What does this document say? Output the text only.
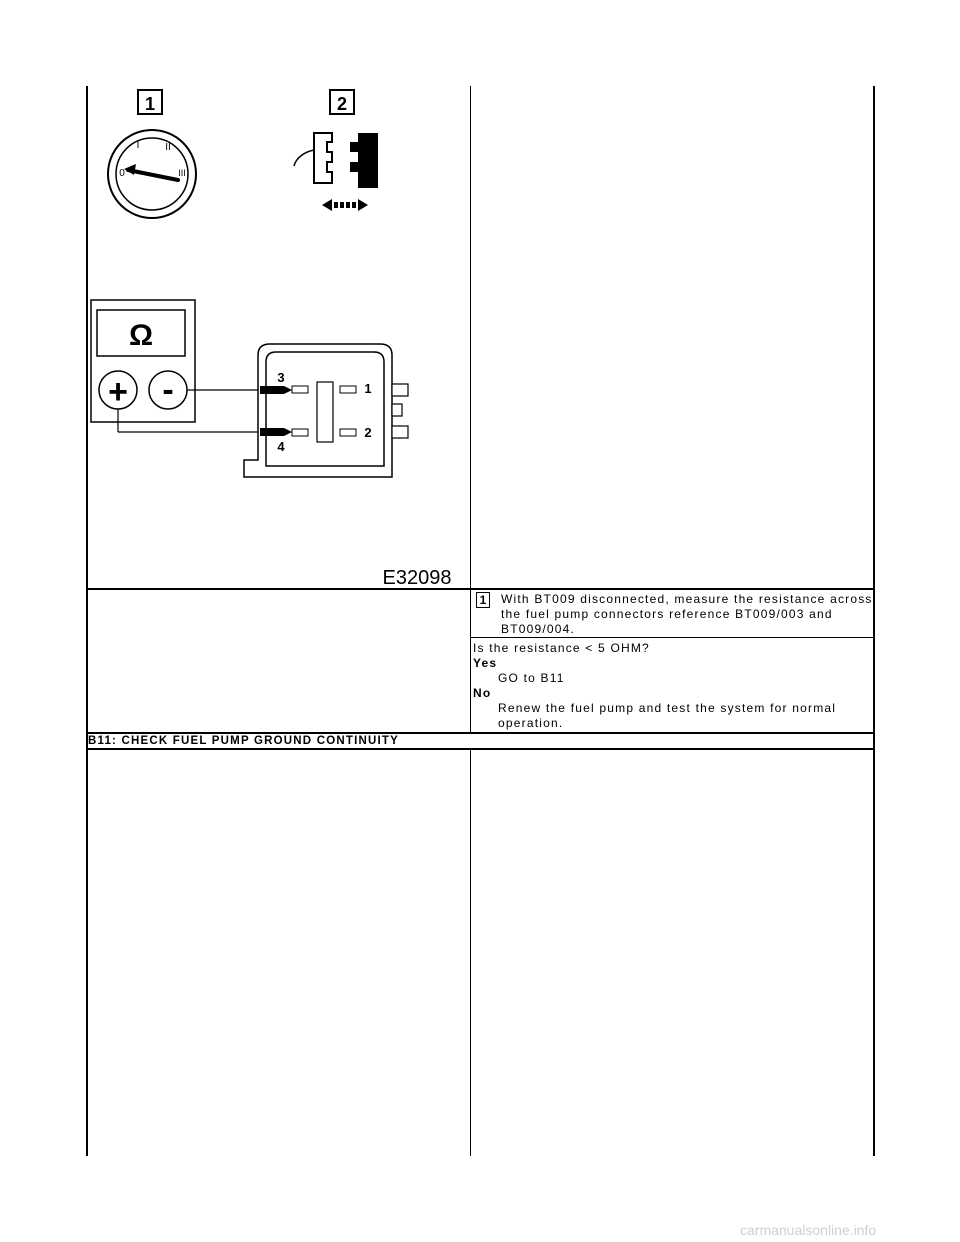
1	2
0
I	II
III
Ω
+ -	3
4
1
2
E32098
1	With BT009 disconnected, measure the resistance across the fuel pump connectors reference BT009/003 and BT009/004.
Is the resistance < 5 OHM?
Yes
GO to B11
No
Renew the fuel pump and test the system for normal operation.
B11: CHECK FUEL PUMP GROUND CONTINUITY
carmanualsonline.info
